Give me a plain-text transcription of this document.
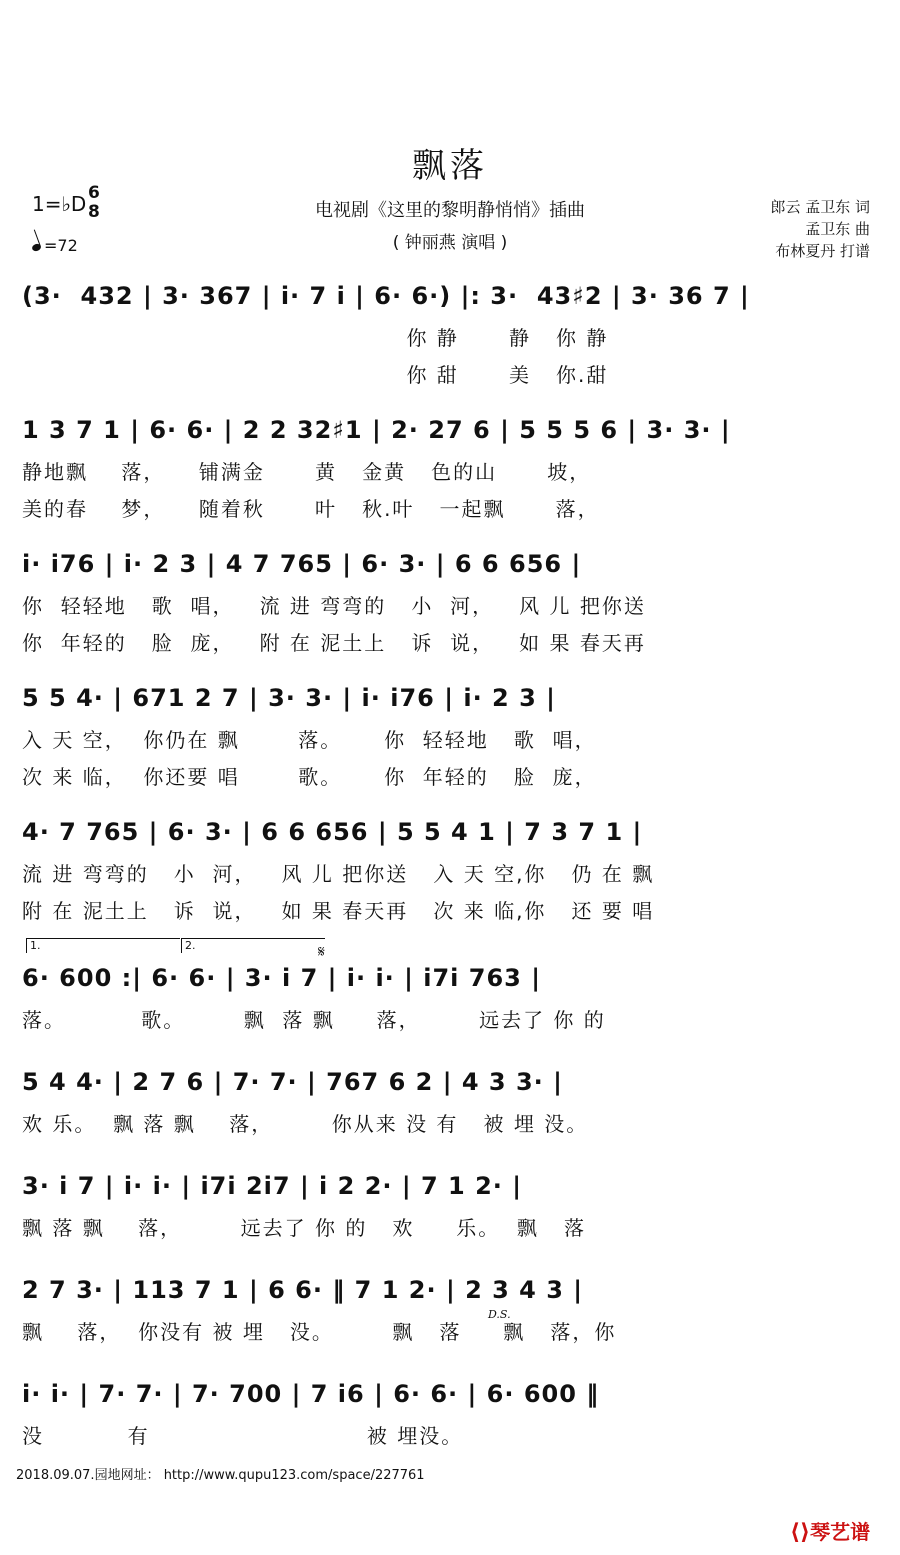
飘落
电视剧《这里的黎明静悄悄》插曲
( 钟丽燕 演唱 )
1=♭D 6
8
=72
郎云 孟卫东 词
孟卫东 曲
布林夏丹 打谱
(3·  432 | 3· 367 | i· 7 i | 6· 6·) |: 3·  43♯2 | 3· 36 7 |
你 静      静   你 静
你 甜      美   你.甜
1 3 7 1 | 6· 6· | 2 2 32♯1 | 2· 27 6 | 5 5 5 6 | 3· 3· |
静地飘    落，    铺满金      黄   金黄   色的山      坡，
美的春    梦，    随着秋      叶   秋.叶   一起飘      落，
i· i76 | i· 2 3 | 4 7 765 | 6· 3· | 6 6 656 |
你  轻轻地   歌  唱，   流 进 弯弯的   小  河，   风 儿 把你送
你  年轻的   脸  庞，   附 在 泥土上   诉  说，   如 果 春天再
5 5 4· | 671 2 7 | 3· 3· | i· i76 | i· 2 3 |
入 天 空，  你仍在 飘       落。     你  轻轻地   歌  唱，
次 来 临，  你还要 唱       歌。     你  年轻的   脸  庞，
4· 7 765 | 6· 3· | 6 6 656 | 5 5 4 1 | 7 3 7 1 |
流 进 弯弯的   小  河，   风 儿 把你送   入 天 空,你   仍 在 飘
附 在 泥土上   诉  说，   如 果 春天再   次 来 临,你   还 要 唱
1.	2.	𝄋
6· 600 :| 6· 6· | 3· i 7 | i· i· | i7i 763 |
落。         歌。       飘  落 飘     落，       远去了 你 的
5 4 4· | 2 7 6 | 7· 7· | 767 6 2 | 4 3 3· |
欢 乐。  飘 落 飘    落，       你从来 没 有   被 埋 没。
3· i 7 | i· i· | i7i 2i7 | i 2 2· | 7 1 2· |
飘 落 飘    落，       远去了 你 的   欢     乐。  飘   落
2 7 3· | 113 7 1 | 6 6· ‖ 7 1 2· | 2 3 4 3 |
飘    落，  你没有 被 埋   没。       飘   落     飘   落，你
D.S.
i· i· | 7· 7· | 7· 700 | 7 i6 | 6· 6· | 6· 600 ‖
没          有                          被 埋没。
2018.09.07.园地网址： http://www.qupu123.com/space/227761
⟨⟩琴艺谱
